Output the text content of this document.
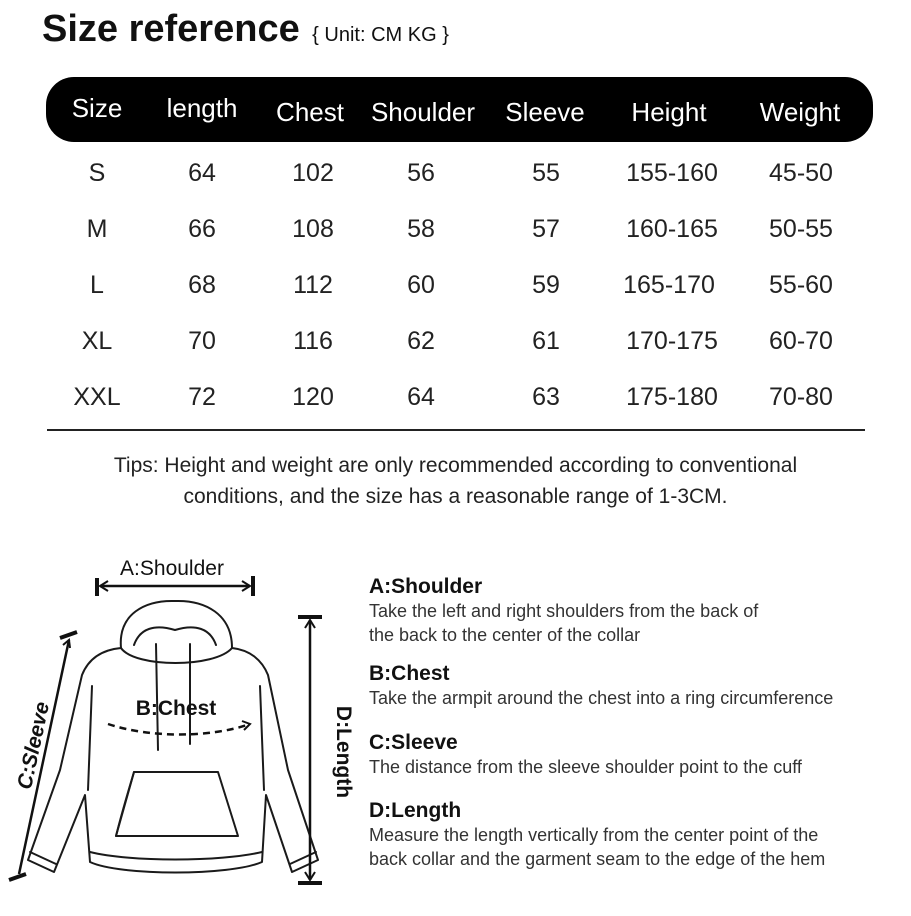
Size reference { Unit: CM KG }
Size length Chest Shoulder Sleeve Height Weight
S	64	102	56	55	155-160 45-50
M	66	108	58	57	160-165 50-55
L	68	112	60	59	165-170 55-60
XL	70	116	62	61	170-175 60-70
XXL	72	120	64	63	175-180 70-80
Tips: Height and weight are only recommended according to conventional
conditions, and the size has a reasonable range of 1-3CM.
A:Shoulder
B:Chest	D:Length
C:Sleeve
A:Shoulder
Take the left and right shoulders from the back of
the back to the center of the collar
B:Chest
Take the armpit around the chest into a ring circumference
C:Sleeve
The distance from the sleeve shoulder point to the cuff
D:Length
Measure the length vertically from the center point of the
back collar and the garment seam to the edge of the hem
